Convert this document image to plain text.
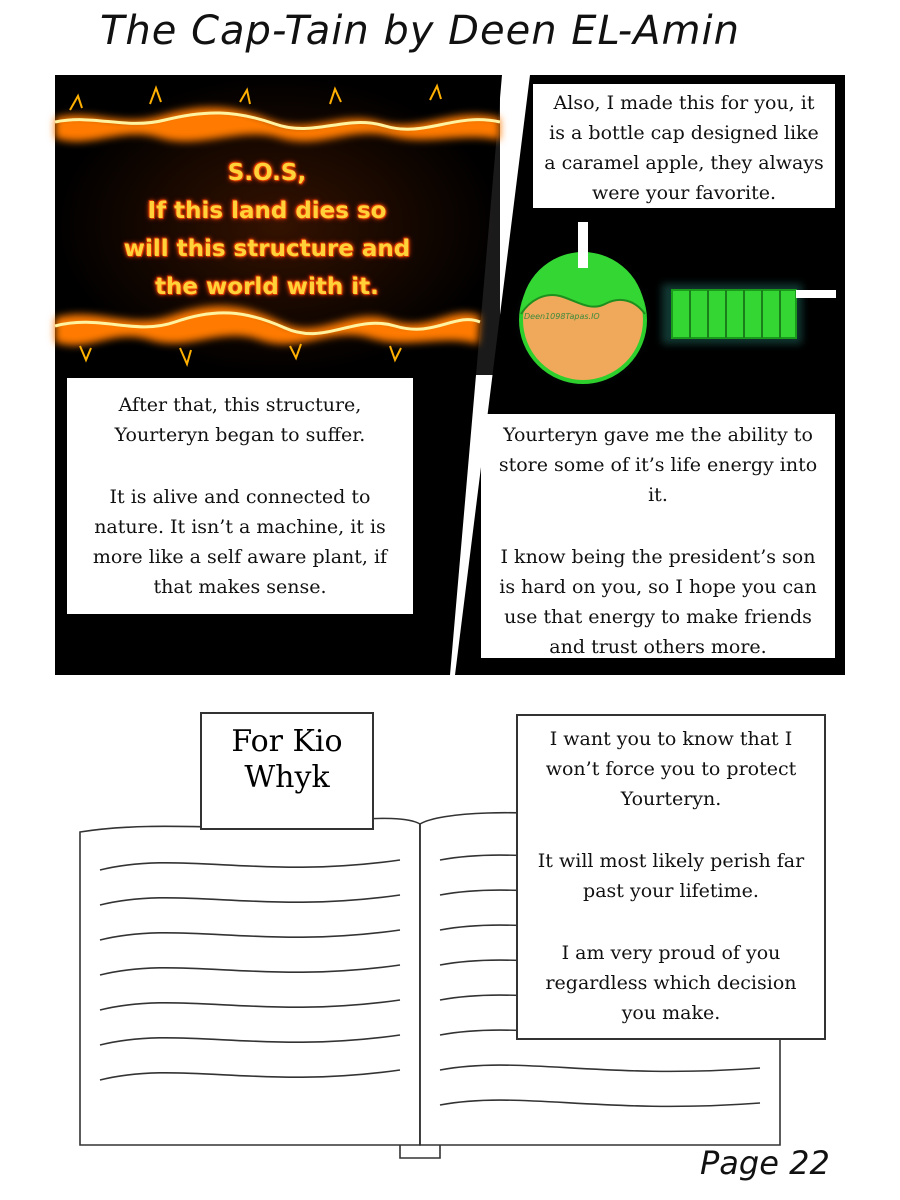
The Cap-Tain by Deen EL-Amin
S.O.S,
If this land dies so
will this structure and
the world with it.

After that, this structure, Yourteryn began to suffer.

It is alive and connected to nature. It isn’t a machine, it is more like a self aware plant, if that makes sense.

Also, I made this for you, it is a bottle cap designed like a caramel apple, they always were your favorite.

Deen1098Tapas.IO

Yourteryn gave me the ability to store some of it’s life energy into it.

I know being the president’s son is hard on you, so I hope you can use that energy to make friends and trust others more.

For Kio
Whyk

I want you to know that I won’t force you to protect Yourteryn.

It will most likely perish far past your lifetime.

I am very proud of you regardless which decision you make.

Page 22
